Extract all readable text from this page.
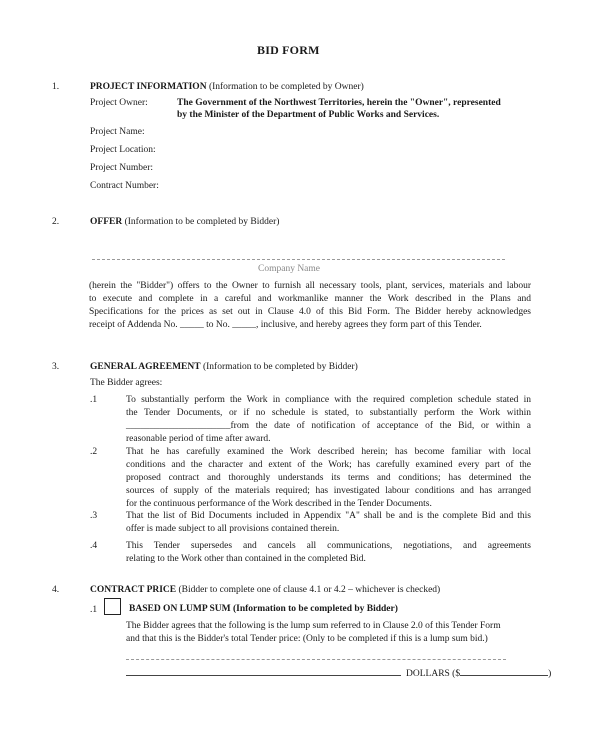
BID FORM
1.	PROJECT INFORMATION (Information to be completed by Owner)
Project Owner:	The Government of the Northwest Territories, herein the "Owner", represented
by the Minister of the Department of Public Works and Services.
Project Name:
Project Location:
Project Number:
Contract Number:
2.	OFFER (Information to be completed by Bidder)
Company Name
(herein the "Bidder") offers to the Owner to furnish all necessary tools, plant, services, materials and labour
to execute and complete in a careful and workmanlike manner the Work described in the Plans and
Specifications for the prices as set out in Clause 4.0 of this Bid Form. The Bidder hereby acknowledges
receipt of Addenda No. _____ to No. _____, inclusive, and hereby agrees they form part of this Tender.
3.	GENERAL AGREEMENT (Information to be completed by Bidder)
The Bidder agrees:
.1	To substantially perform the Work in compliance with the required completion schedule stated in
the Tender Documents, or if no schedule is stated, to substantially perform the Work within
______________________from the date of notification of acceptance of the Bid, or within a
reasonable period of time after award.
.2	That he has carefully examined the Work described herein; has become familiar with local
conditions and the character and extent of the Work; has carefully examined every part of the
proposed contract and thoroughly understands its terms and conditions; has determined the
sources of supply of the materials required; has investigated labour conditions and has arranged
for the continuous performance of the Work described in the Tender Documents.
.3	That the list of Bid Documents included in Appendix "A" shall be and is the complete Bid and this
offer is made subject to all provisions contained therein.
.4	This Tender supersedes and cancels all communications, negotiations, and agreements
relating to the Work other than contained in the completed Bid.
4.	CONTRACT PRICE (Bidder to complete one of clause 4.1 or 4.2 – whichever is checked)
.1	BASED ON LUMP SUM (Information to be completed by Bidder)
The Bidder agrees that the following is the lump sum referred to in Clause 2.0 of this Tender Form
and that this is the Bidder's total Tender price: (Only to be completed if this is a lump sum bid.)
DOLLARS ($	)
